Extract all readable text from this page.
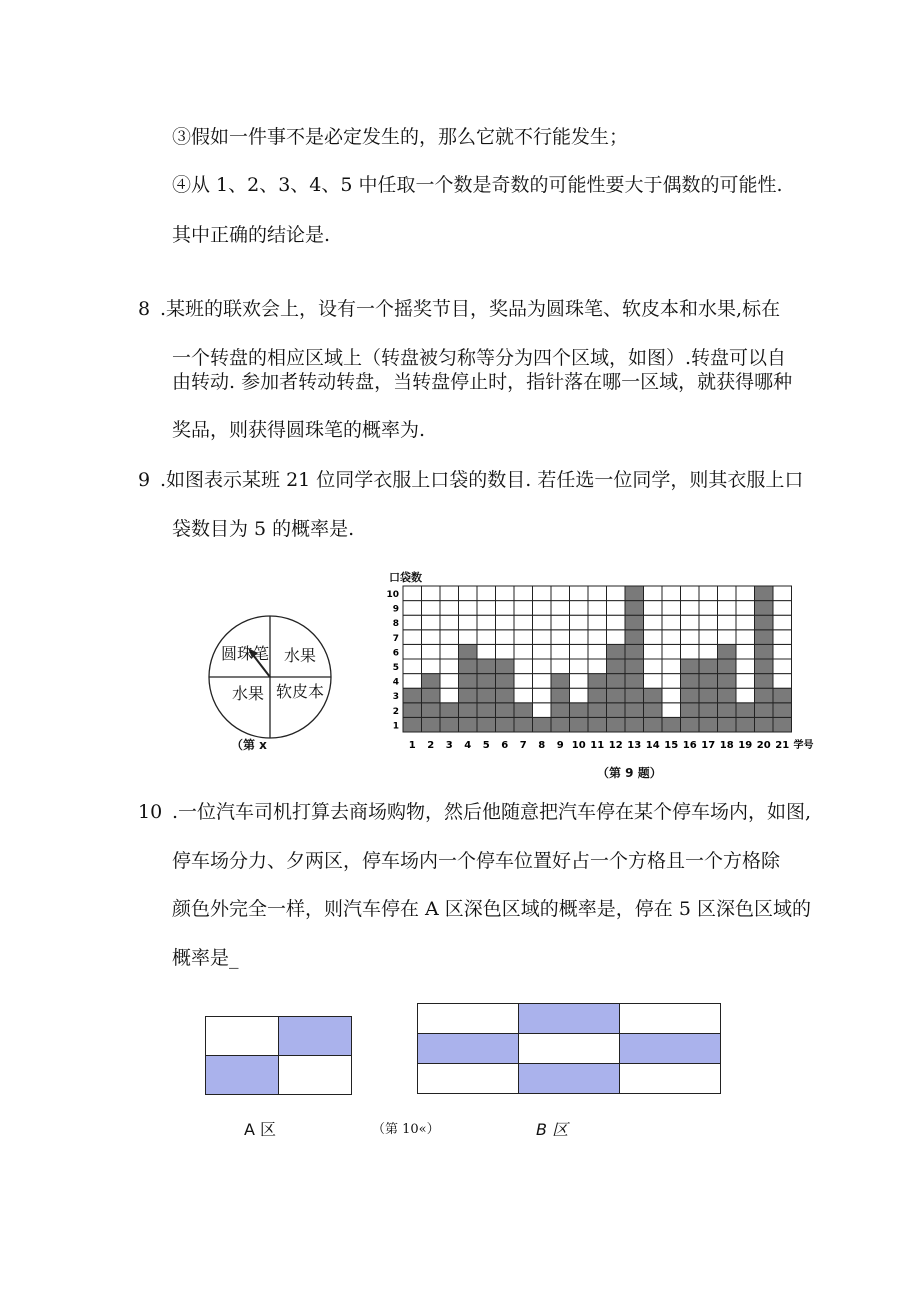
③假如一件事不是必定发生的，那么它就不行能发生；
④从 1、2、3、4、5 中任取一个数是奇数的可能性要大于偶数的可能性.
其中正确的结论是.
8 .某班的联欢会上，设有一个摇奖节目，奖品为圆珠笔、软皮本和水果,标在
一个转盘的相应区域上（转盘被匀称等分为四个区域，如图）.转盘可以自
由转动. 参加者转动转盘，当转盘停止时，指针落在哪一区域，就获得哪种
奖品，则获得圆珠笔的概率为.
9 .如图表示某班 21 位同学衣服上口袋的数目. 若任选一位同学，则其衣服上口
袋数目为 5 的概率是.
圆珠笔 水果
水果 软皮本
（第 x
口袋数
1 2 3 4 5 6 7 8 9 10 11 12 13 14 15 16 17 18 19 20 21 学号
1
2
3
4
5
6
7
8
9
10
（第 9 题）
10 .一位汽车司机打算去商场购物，然后他随意把汽车停在某个停车场内，如图,
停车场分力、夕两区，停车场内一个停车位置好占一个方格且一个方格除
颜色外完全一样，则汽车停在 A 区深色区域的概率是，停在 5 区深色区域的
概率是_
A 区	B 区
（第 10«）
